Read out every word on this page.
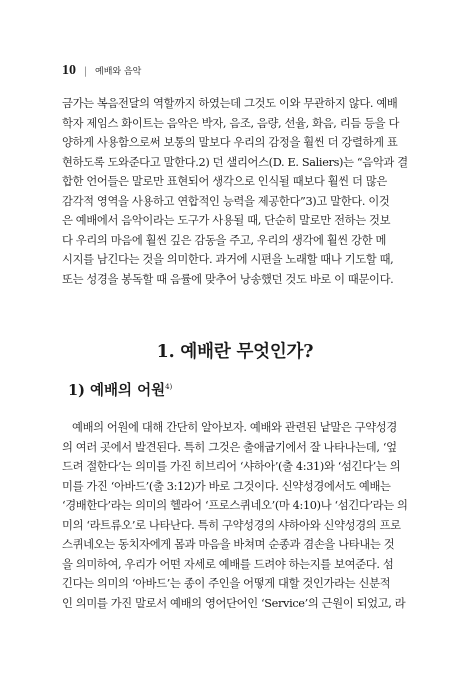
10 | 예배와 음악
금가는 복음전달의 역할까지 하였는데 그것도 이와 무관하지 않다. 예배
학자 제임스 화이트는 음악은 박자, 음조, 음량, 선율, 화음, 리듬 등을 다
양하게 사용함으로써 보통의 말보다 우리의 감정을 훨씬 더 강렬하게 표
현하도록 도와준다고 말한다.2) 던 샐리어스(D. E. Saliers)는 “음악과 결
합한 언어들은 말로만 표현되어 생각으로 인식될 때보다 훨씬 더 많은
감각적 영역을 사용하고 연합적인 능력을 제공한다”3)고 말한다. 이것
은 예배에서 음악이라는 도구가 사용될 때, 단순히 말로만 전하는 것보
다 우리의 마음에 훨씬 깊은 감동을 주고, 우리의 생각에 훨씬 강한 메
시지를 남긴다는 것을 의미한다. 과거에 시편을 노래할 때나 기도할 때,
또는 성경을 봉독할 때 음률에 맞추어 낭송했던 것도 바로 이 때문이다.
1. 예배란 무엇인가?
1) 예배의 어원$^{4)}$
예배의 어원에 대해 간단히 알아보자. 예배와 관련된 낱말은 구약성경
의 여러 곳에서 발견된다. 특히 그것은 출애굽기에서 잘 나타나는데, ‘엎
드려 절한다’는 의미를 가진 히브리어 ‘샤하아’(출 4:31)와 ‘섬긴다’는 의
미를 가진 ‘아바드’(출 3:12)가 바로 그것이다. 신약성경에서도 예배는
‘경배한다’라는 의미의 헬라어 ‘프로스퀴네오’(마 4:10)나 ‘섬긴다’라는 의
미의 ‘라트류오’로 나타난다. 특히 구약성경의 샤하아와 신약성경의 프로
스퀴네오는 동치자에게 몸과 마음을 바쳐며 순종과 겸손을 나타내는 것
을 의미하여, 우리가 어떤 자세로 예배를 드려야 하는지를 보여준다. 섬
긴다는 의미의 ‘아바드’는 종이 주인을 어떻게 대할 것인가라는 신분적
인 의미를 가진 말로서 예배의 영어단어인 ‘Service’의 근원이 되었고, 라
